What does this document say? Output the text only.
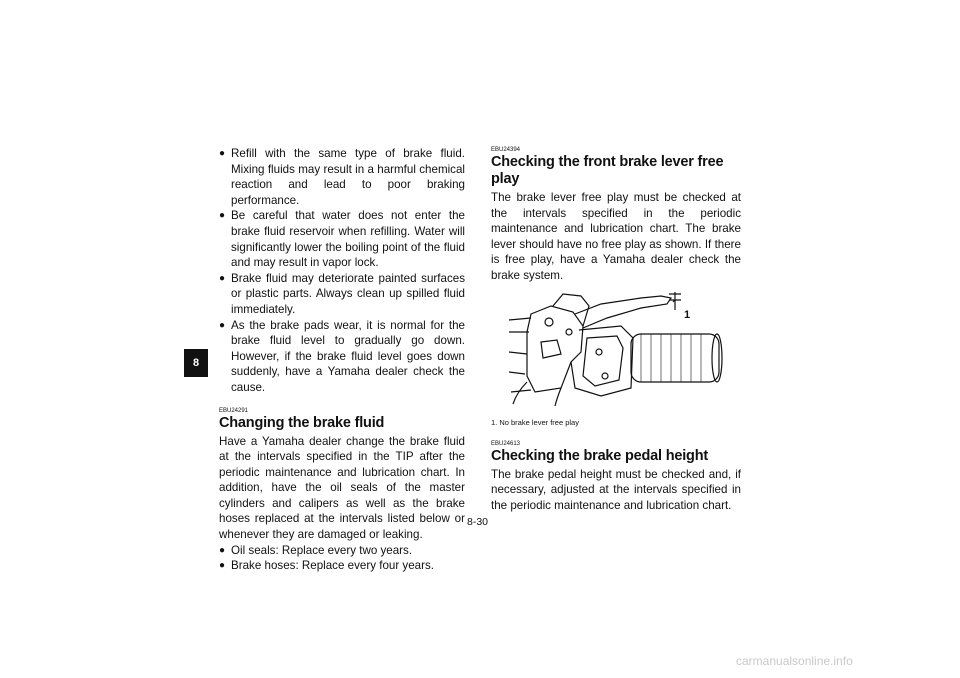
8
● Refill with the same type of brake fluid. Mixing fluids may result in a harmful chemical reaction and lead to poor braking performance.
● Be careful that water does not enter the brake fluid reservoir when refilling. Water will significantly lower the boiling point of the fluid and may result in vapor lock.
● Brake fluid may deteriorate painted surfaces or plastic parts. Always clean up spilled fluid immediately.
● As the brake pads wear, it is normal for the brake fluid level to gradually go down. However, if the brake fluid level goes down suddenly, have a Yamaha dealer check the cause.

EBU24291

Changing the brake fluid

Have a Yamaha dealer change the brake fluid at the intervals specified in the TIP after the periodic maintenance and lubrication chart. In addition, have the oil seals of the master cylinders and calipers as well as the brake hoses replaced at the intervals listed below or whenever they are damaged or leaking.

● Oil seals: Replace every two years.
● Brake hoses: Replace every four years.

EBU24394

Checking the front brake lever free play

The brake lever free play must be checked at the intervals specified in the periodic maintenance and lubrication chart. The brake lever should have no free play as shown. If there is free play, have a Yamaha dealer check the brake system.

1

1. No brake lever free play

EBU24613

Checking the brake pedal height

The brake pedal height must be checked and, if necessary, adjusted at the intervals specified in the periodic maintenance and lubrication chart.

8-30
carmanualsonline.info
